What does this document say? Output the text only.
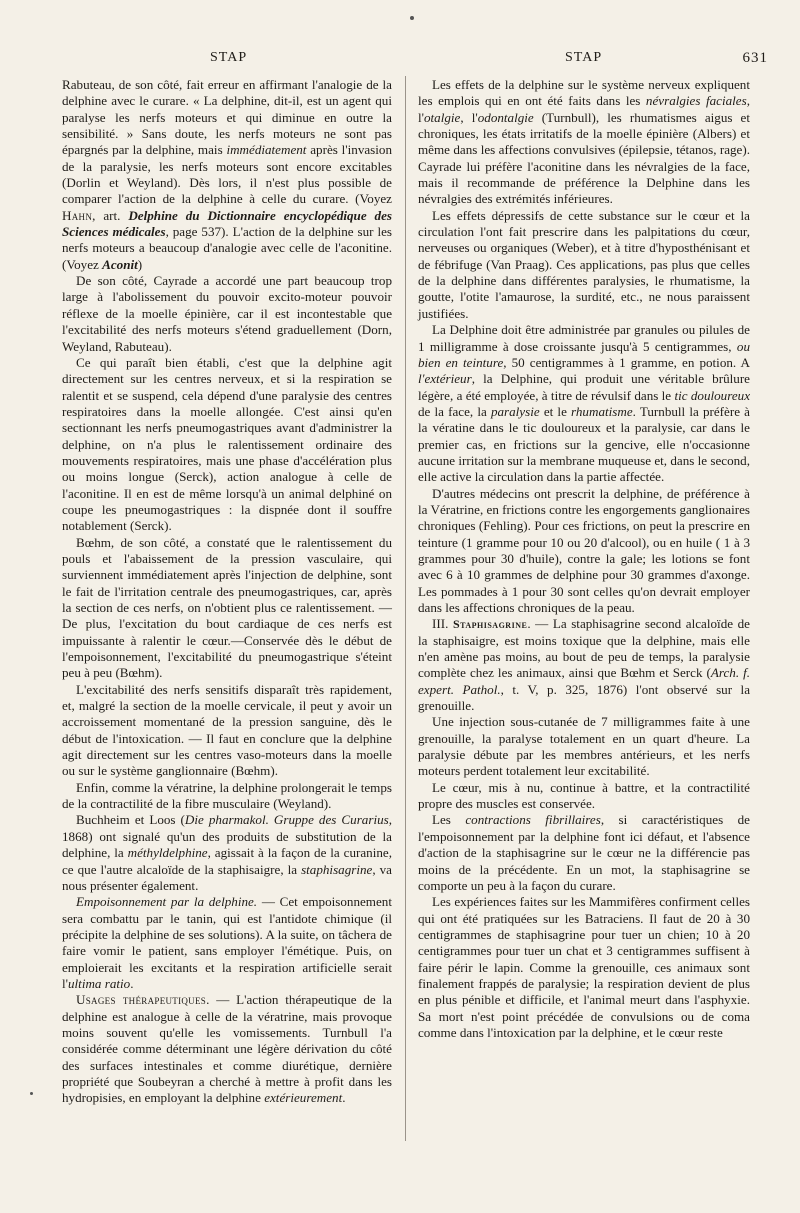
STAP	STAP	631

Rabuteau, de son côté, fait erreur en affirmant l'analogie de la delphine avec le curare. « La delphine, dit-il, est un agent qui paralyse les nerfs moteurs et qui diminue en outre la sensibilité. » Sans doute, les nerfs moteurs ne sont pas épargnés par la delphine, mais immédiatement après l'invasion de la paralysie, les nerfs moteurs sont encore excitables (Dorlin et Weyland). Dès lors, il n'est plus possible de comparer l'action de la delphine à celle du curare. (Voyez Hahn, art. Delphine du Dictionnaire encyclopédique des Sciences médicales, page 537). L'action de la delphine sur les nerfs moteurs a beaucoup d'analogie avec celle de l'aconitine. (Voyez Aconit)

De son côté, Cayrade a accordé une part beaucoup trop large à l'abolissement du pouvoir excito-moteur pouvoir réflexe de la moelle épinière, car il est incontestable que l'excitabilité des nerfs moteurs s'étend graduellement (Dorn, Weyland, Rabuteau).

Ce qui paraît bien établi, c'est que la delphine agit directement sur les centres nerveux, et si la respiration se ralentit et se suspend, cela dépend d'une paralysie des centres respiratoires dans la moelle allongée. C'est ainsi qu'en sectionnant les nerfs pneumogastriques avant d'administrer la delphine, on n'a plus le ralentissement ordinaire des mouvements respiratoires, mais une phase d'accélération plus ou moins longue (Serck), action analogue à celle de l'aconitine. Il en est de même lorsqu'à un animal delphiné on coupe les pneumogastriques : la dispnée dont il souffre notablement (Serck).

Bœhm, de son côté, a constaté que le ralentissement du pouls et l'abaissement de la pression vasculaire, qui surviennent immédiatement après l'injection de delphine, sont le fait de l'irritation centrale des pneumogastriques, car, après la section de ces nerfs, on n'obtient plus ce ralentissement. — De plus, l'excitation du bout cardiaque de ces nerfs est impuissante à ralentir le cœur.—Conservée dès le début de l'empoisonnement, l'excitabilité du pneumogastrique s'éteint peu à peu (Bœhm).

L'excitabilité des nerfs sensitifs disparaît très rapidement, et, malgré la section de la moelle cervicale, il peut y avoir un accroissement momentané de la pression sanguine, dès le début de l'intoxication. — Il faut en conclure que la delphine agit directement sur les centres vaso-moteurs dans la moelle ou sur le système ganglionnaire (Bœhm).

Enfin, comme la vératrine, la delphine prolongerait le temps de la contractilité de la fibre musculaire (Weyland).

Buchheim et Loos (Die pharmakol. Gruppe des Curarius, 1868) ont signalé qu'un des produits de substitution de la delphine, la méthyldelphine, agissait à la façon de la curanine, ce que l'autre alcaloïde de la staphisaigre, la staphisagrine, va nous présenter également.

Empoisonnement par la delphine. — Cet empoisonnement sera combattu par le tanin, qui est l'antidote chimique (il précipite la delphine de ses solutions). A la suite, on tâchera de faire vomir le patient, sans employer l'émétique. Puis, on emploierait les excitants et la respiration artificielle serait l'ultima ratio.

Usages thérapeutiques. — L'action thérapeutique de la delphine est analogue à celle de la vératrine, mais provoque moins souvent qu'elle les vomissements. Turnbull l'a considérée comme déterminant une légère dérivation du côté des surfaces intestinales et comme diurétique, dernière propriété que Soubeyran a cherché à mettre à profit dans les hydropisies, en employant la delphine extérieurement.

Les effets de la delphine sur le système nerveux expliquent les emplois qui en ont été faits dans les névralgies faciales, l'otalgie, l'odontalgie (Turnbull), les rhumatismes aigus et chroniques, les états irritatifs de la moelle épinière (Albers) et même dans les affections convulsives (épilepsie, tétanos, rage). Cayrade lui préfère l'aconitine dans les névralgies de la face, mais il recommande de préférence la Delphine dans les névralgies des extrémités inférieures.

Les effets dépressifs de cette substance sur le cœur et la circulation l'ont fait prescrire dans les palpitations du cœur, nerveuses ou organiques (Weber), et à titre d'hyposthénisant et de fébrifuge (Van Praag). Ces applications, pas plus que celles de la delphine dans différentes paralysies, le rhumatisme, la goutte, l'otite l'amaurose, la surdité, etc., ne nous paraissent justifiées.

La Delphine doit être administrée par granules ou pilules de 1 milligramme à dose croissante jusqu'à 5 centigrammes, ou bien en teinture, 50 centigrammes à 1 gramme, en potion. A l'extérieur, la Delphine, qui produit une véritable brûlure légère, a été employée, à titre de révulsif dans le tic douloureux de la face, la paralysie et le rhumatisme. Turnbull la préfère à la vératine dans le tic douloureux et la paralysie, car dans le premier cas, en frictions sur la gencive, elle n'occasionne aucune irritation sur la membrane muqueuse et, dans le second, elle active la circulation dans la partie affectée.

D'autres médecins ont prescrit la delphine, de préférence à la Vératrine, en frictions contre les engorgements ganglionaires chroniques (Fehling). Pour ces frictions, on peut la prescrire en teinture (1 gramme pour 10 ou 20 d'alcool), ou en huile ( 1 à 3 grammes pour 30 d'huile), contre la gale; les lotions se font avec 6 à 10 grammes de delphine pour 30 grammes d'axonge. Les pommades à 1 pour 30 sont celles qu'on devrait employer dans les affections chroniques de la peau.

III. Staphisagrine. — La staphisagrine second alcaloïde de la staphisaigre, est moins toxique que la delphine, mais elle n'en amène pas moins, au bout de peu de temps, la paralysie complète chez les animaux, ainsi que Bœhm et Serck (Arch. f. expert. Pathol., t. V, p. 325, 1876) l'ont observé sur la grenouille.

Une injection sous-cutanée de 7 milligrammes faite à une grenouille, la paralyse totalement en un quart d'heure. La paralysie débute par les membres antérieurs, et les nerfs moteurs perdent totalement leur excitabilité.

Le cœur, mis à nu, continue à battre, et la contractilité propre des muscles est conservée.

Les contractions fibrillaires, si caractéristiques de l'empoisonnement par la delphine font ici défaut, et l'absence d'action de la staphisagrine sur le cœur ne la différencie pas moins de la précédente. En un mot, la staphisagrine se comporte un peu à la façon du curare.

Les expériences faites sur les Mammifères confirment celles qui ont été pratiquées sur les Batraciens. Il faut de 20 à 30 centigrammes de staphisagrine pour tuer un chien; 10 à 20 centigrammes pour tuer un chat et 3 centigrammes suffisent à faire périr le lapin. Comme la grenouille, ces animaux sont finalement frappés de paralysie; la respiration devient de plus en plus pénible et difficile, et l'animal meurt dans l'asphyxie. Sa mort n'est point précédée de convulsions ou de coma comme dans l'intoxication par la delphine, et le cœur reste
